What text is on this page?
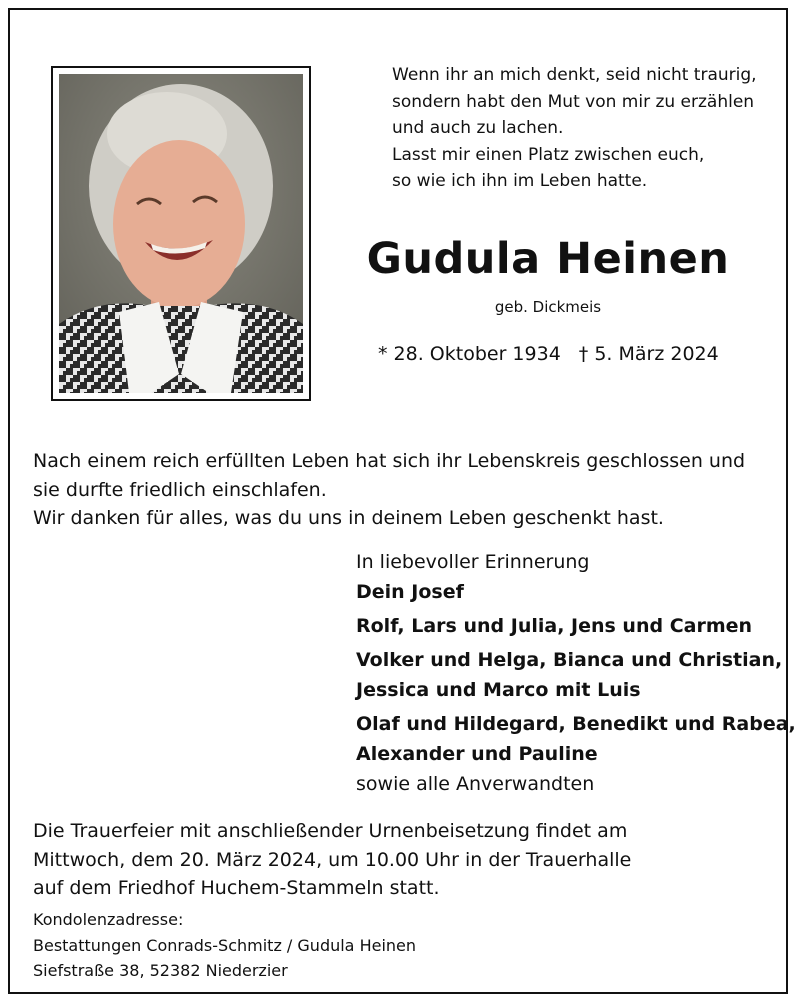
Wenn ihr an mich denkt, seid nicht traurig,
sondern habt den Mut von mir zu erzählen
und auch zu lachen.
Lasst mir einen Platz zwischen euch,
so wie ich ihn im Leben hatte.
Gudula Heinen
geb. Dickmeis
* 28. Oktober 1934 † 5. März 2024
Nach einem reich erfüllten Leben hat sich ihr Lebenskreis geschlossen und
sie durfte friedlich einschlafen.
Wir danken für alles, was du uns in deinem Leben geschenkt hast.
In liebevoller Erinnerung
Dein Josef
Rolf, Lars und Julia, Jens und Carmen
Volker und Helga, Bianca und Christian,
Jessica und Marco mit Luis
Olaf und Hildegard, Benedikt und Rabea,
Alexander und Pauline
sowie alle Anverwandten
Die Trauerfeier mit anschließender Urnenbeisetzung findet am
Mittwoch, dem 20. März 2024, um 10.00 Uhr in der Trauerhalle
auf dem Friedhof Huchem-Stammeln statt.
Kondolenzadresse:
Bestattungen Conrads-Schmitz / Gudula Heinen
Siefstraße 38, 52382 Niederzier
